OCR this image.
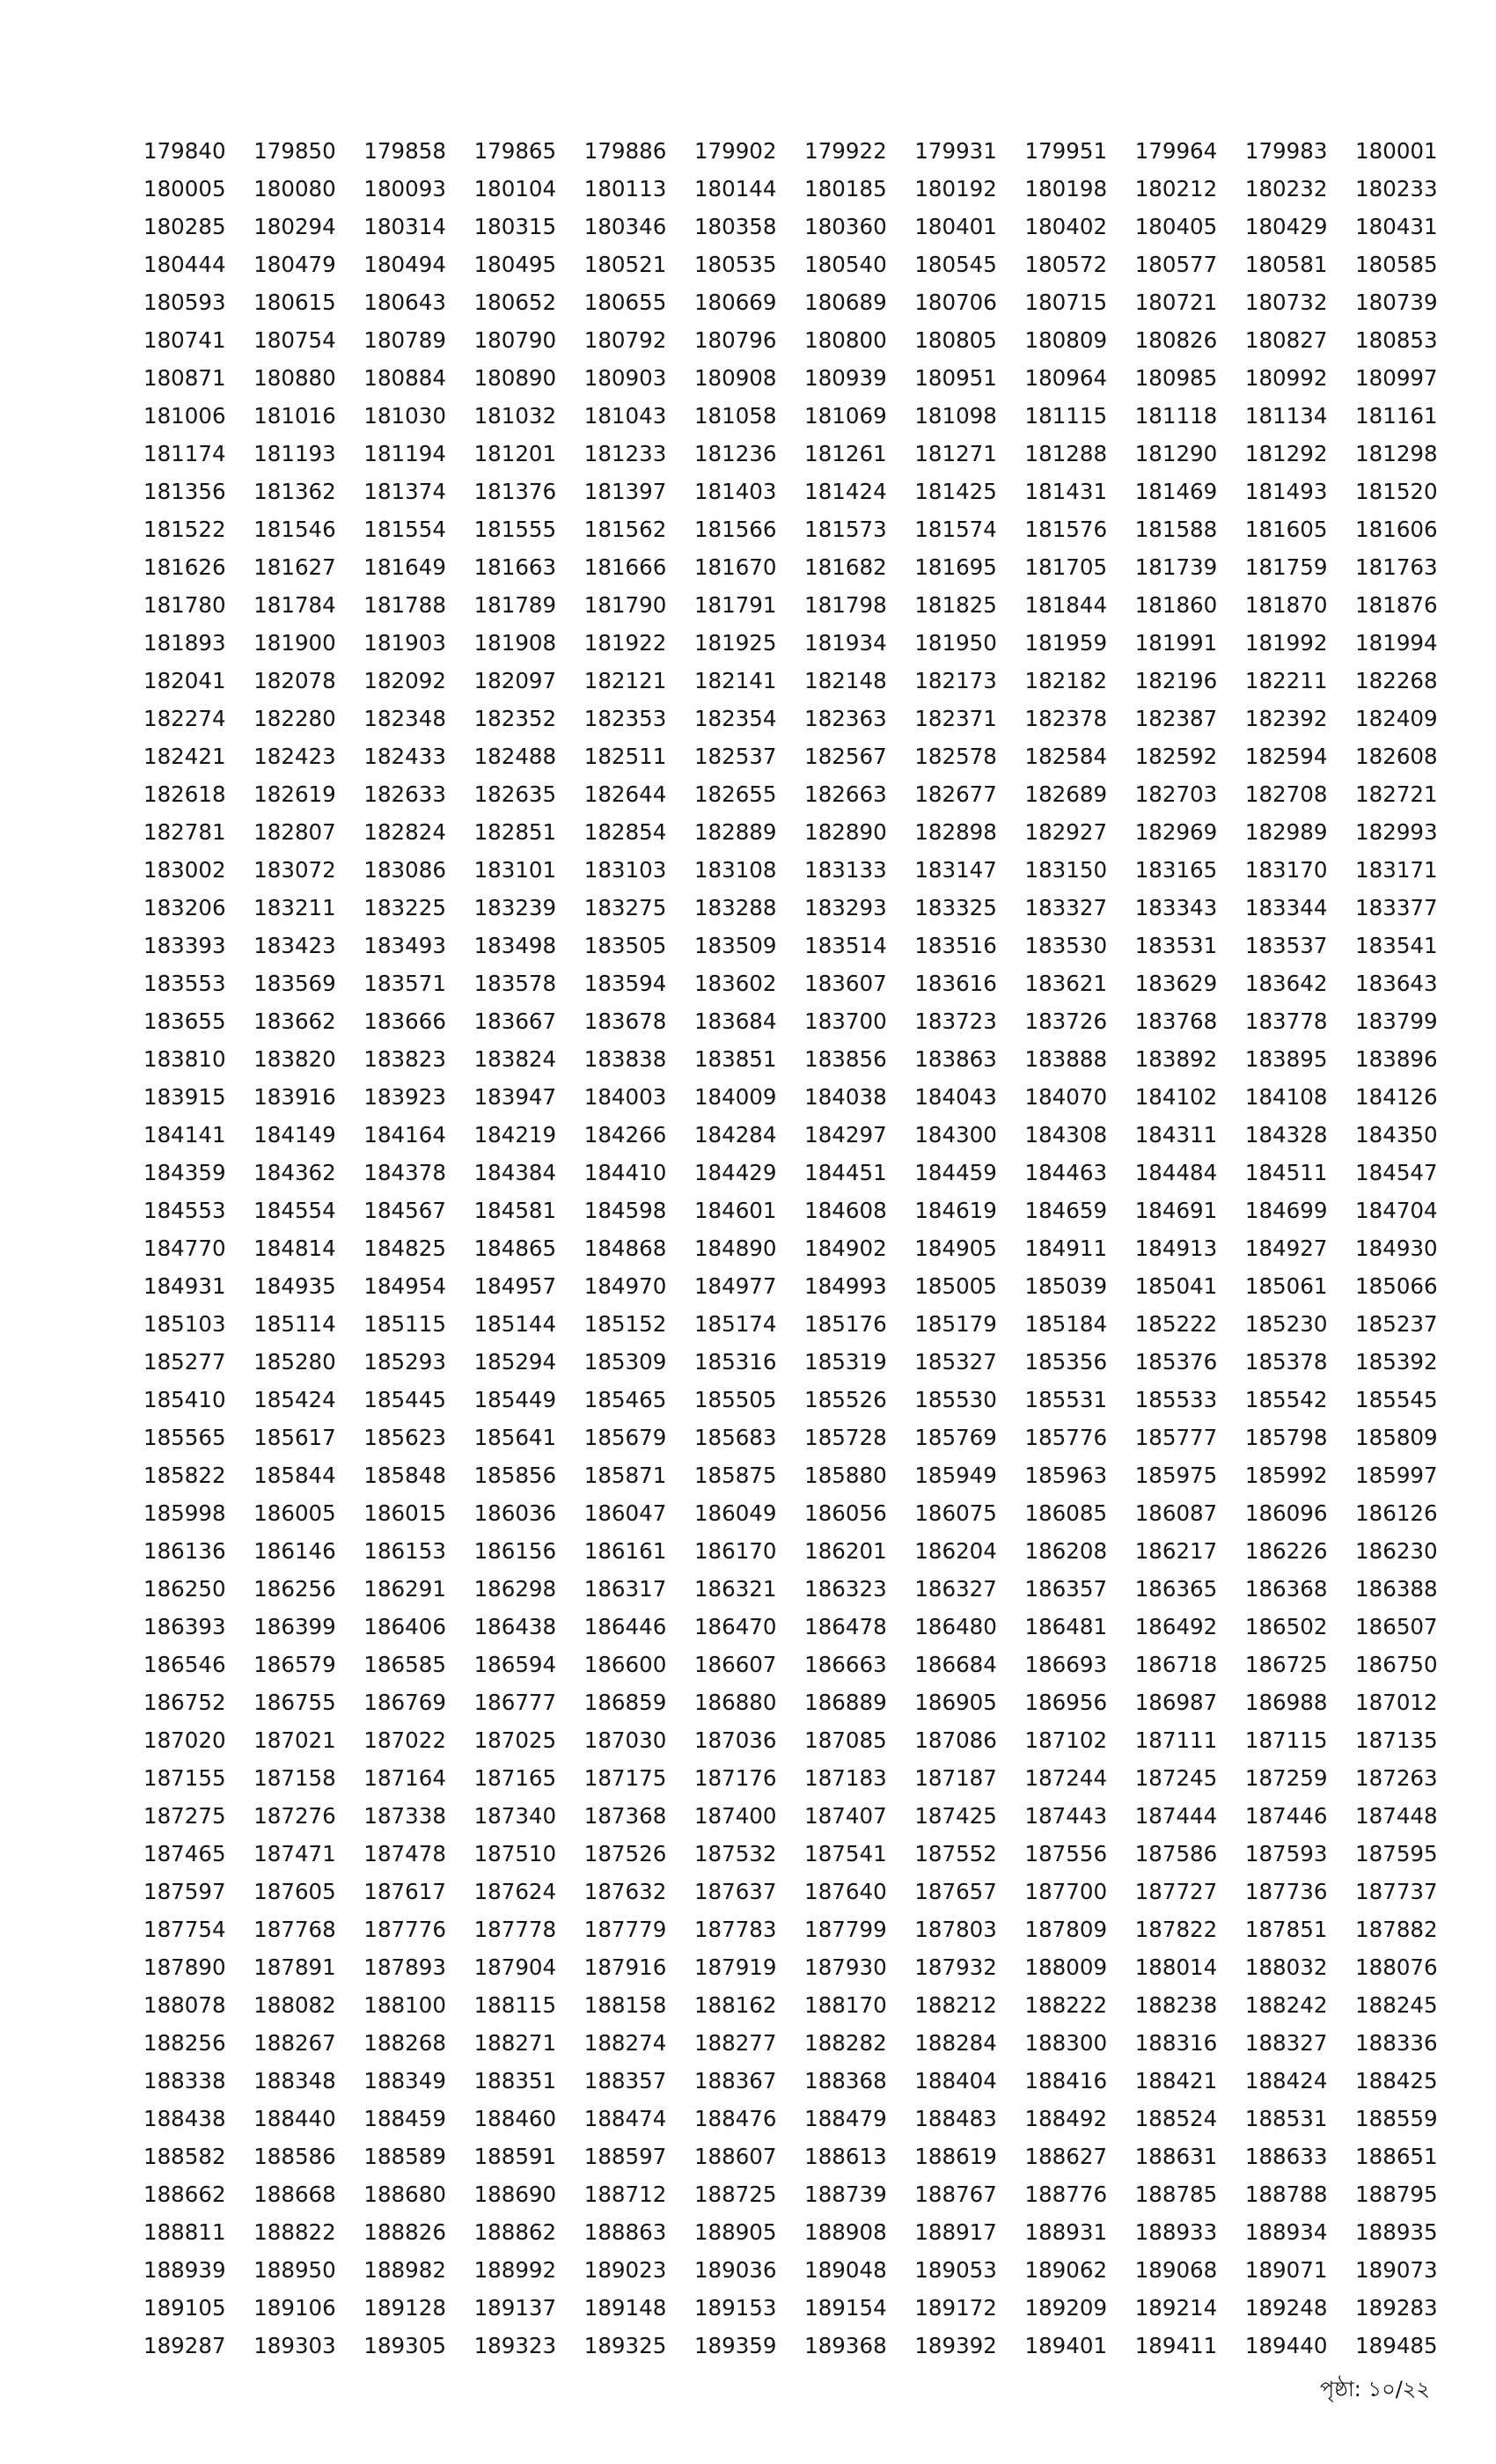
179840	179850	179858	179865	179886	179902	179922	179931	179951	179964	179983	180001
180005	180080	180093	180104	180113	180144	180185	180192	180198	180212	180232	180233
180285	180294	180314	180315	180346	180358	180360	180401	180402	180405	180429	180431
180444	180479	180494	180495	180521	180535	180540	180545	180572	180577	180581	180585
180593	180615	180643	180652	180655	180669	180689	180706	180715	180721	180732	180739
180741	180754	180789	180790	180792	180796	180800	180805	180809	180826	180827	180853
180871	180880	180884	180890	180903	180908	180939	180951	180964	180985	180992	180997
181006	181016	181030	181032	181043	181058	181069	181098	181115	181118	181134	181161
181174	181193	181194	181201	181233	181236	181261	181271	181288	181290	181292	181298
181356	181362	181374	181376	181397	181403	181424	181425	181431	181469	181493	181520
181522	181546	181554	181555	181562	181566	181573	181574	181576	181588	181605	181606
181626	181627	181649	181663	181666	181670	181682	181695	181705	181739	181759	181763
181780	181784	181788	181789	181790	181791	181798	181825	181844	181860	181870	181876
181893	181900	181903	181908	181922	181925	181934	181950	181959	181991	181992	181994
182041	182078	182092	182097	182121	182141	182148	182173	182182	182196	182211	182268
182274	182280	182348	182352	182353	182354	182363	182371	182378	182387	182392	182409
182421	182423	182433	182488	182511	182537	182567	182578	182584	182592	182594	182608
182618	182619	182633	182635	182644	182655	182663	182677	182689	182703	182708	182721
182781	182807	182824	182851	182854	182889	182890	182898	182927	182969	182989	182993
183002	183072	183086	183101	183103	183108	183133	183147	183150	183165	183170	183171
183206	183211	183225	183239	183275	183288	183293	183325	183327	183343	183344	183377
183393	183423	183493	183498	183505	183509	183514	183516	183530	183531	183537	183541
183553	183569	183571	183578	183594	183602	183607	183616	183621	183629	183642	183643
183655	183662	183666	183667	183678	183684	183700	183723	183726	183768	183778	183799
183810	183820	183823	183824	183838	183851	183856	183863	183888	183892	183895	183896
183915	183916	183923	183947	184003	184009	184038	184043	184070	184102	184108	184126
184141	184149	184164	184219	184266	184284	184297	184300	184308	184311	184328	184350
184359	184362	184378	184384	184410	184429	184451	184459	184463	184484	184511	184547
184553	184554	184567	184581	184598	184601	184608	184619	184659	184691	184699	184704
184770	184814	184825	184865	184868	184890	184902	184905	184911	184913	184927	184930
184931	184935	184954	184957	184970	184977	184993	185005	185039	185041	185061	185066
185103	185114	185115	185144	185152	185174	185176	185179	185184	185222	185230	185237
185277	185280	185293	185294	185309	185316	185319	185327	185356	185376	185378	185392
185410	185424	185445	185449	185465	185505	185526	185530	185531	185533	185542	185545
185565	185617	185623	185641	185679	185683	185728	185769	185776	185777	185798	185809
185822	185844	185848	185856	185871	185875	185880	185949	185963	185975	185992	185997
185998	186005	186015	186036	186047	186049	186056	186075	186085	186087	186096	186126
186136	186146	186153	186156	186161	186170	186201	186204	186208	186217	186226	186230
186250	186256	186291	186298	186317	186321	186323	186327	186357	186365	186368	186388
186393	186399	186406	186438	186446	186470	186478	186480	186481	186492	186502	186507
186546	186579	186585	186594	186600	186607	186663	186684	186693	186718	186725	186750
186752	186755	186769	186777	186859	186880	186889	186905	186956	186987	186988	187012
187020	187021	187022	187025	187030	187036	187085	187086	187102	187111	187115	187135
187155	187158	187164	187165	187175	187176	187183	187187	187244	187245	187259	187263
187275	187276	187338	187340	187368	187400	187407	187425	187443	187444	187446	187448
187465	187471	187478	187510	187526	187532	187541	187552	187556	187586	187593	187595
187597	187605	187617	187624	187632	187637	187640	187657	187700	187727	187736	187737
187754	187768	187776	187778	187779	187783	187799	187803	187809	187822	187851	187882
187890	187891	187893	187904	187916	187919	187930	187932	188009	188014	188032	188076
188078	188082	188100	188115	188158	188162	188170	188212	188222	188238	188242	188245
188256	188267	188268	188271	188274	188277	188282	188284	188300	188316	188327	188336
188338	188348	188349	188351	188357	188367	188368	188404	188416	188421	188424	188425
188438	188440	188459	188460	188474	188476	188479	188483	188492	188524	188531	188559
188582	188586	188589	188591	188597	188607	188613	188619	188627	188631	188633	188651
188662	188668	188680	188690	188712	188725	188739	188767	188776	188785	188788	188795
188811	188822	188826	188862	188863	188905	188908	188917	188931	188933	188934	188935
188939	188950	188982	188992	189023	189036	189048	189053	189062	189068	189071	189073
189105	189106	189128	189137	189148	189153	189154	189172	189209	189214	189248	189283
189287	189303	189305	189323	189325	189359	189368	189392	189401	189411	189440	189485
পৃষ্ঠা: ১০/২২
